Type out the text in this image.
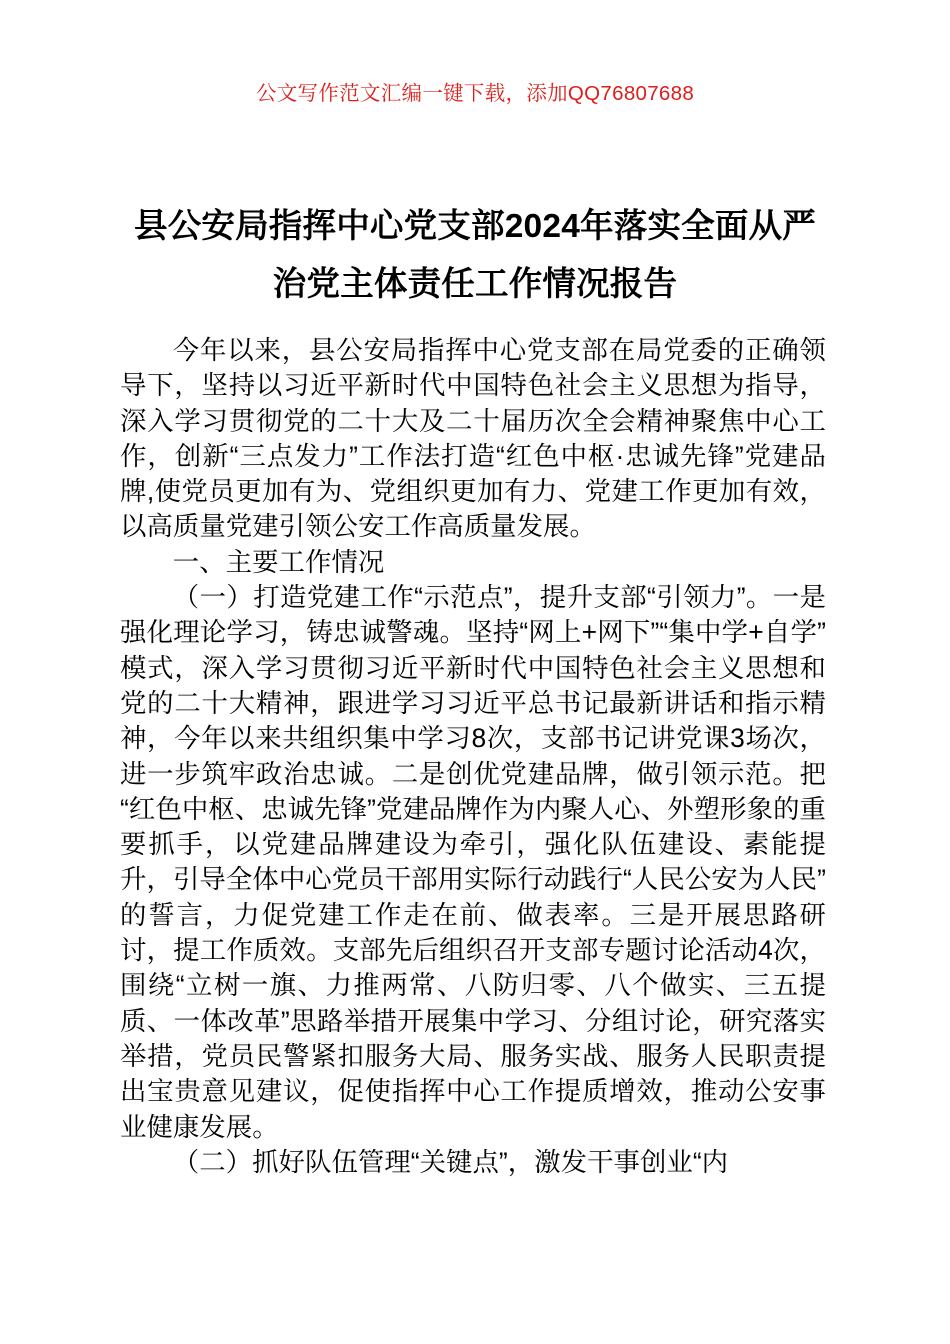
公文写作范文汇编一键下载，添加QQ76807688
县公安局指挥中心党支部2024年落实全面从严治党主体责任工作情况报告

今年以来，县公安局指挥中心党支部在局党委的正确领导下，坚持以习近平新时代中国特色社会主义思想为指导，深入学习贯彻党的二十大及二十届历次全会精神聚焦中心工作，创新“三点发力”工作法打造“红色中枢·忠诚先锋”党建品牌,使党员更加有为、党组织更加有力、党建工作更加有效，以高质量党建引领公安工作高质量发展。

一、主要工作情况

（一）打造党建工作“示范点”，提升支部“引领力”。一是强化理论学习，铸忠诚警魂。坚持“网上+网下”“集中学+自学”模式，深入学习贯彻习近平新时代中国特色社会主义思想和党的二十大精神，跟进学习习近平总书记最新讲话和指示精神，今年以来共组织集中学习8次，支部书记讲党课3场次，进一步筑牢政治忠诚。二是创优党建品牌，做引领示范。把“红色中枢、忠诚先锋”党建品牌作为内聚人心、外塑形象的重要抓手，以党建品牌建设为牵引，强化队伍建设、素能提升，引导全体中心党员干部用实际行动践行“人民公安为人民”的誓言，力促党建工作走在前、做表率。三是开展思路研讨，提工作质效。支部先后组织召开支部专题讨论活动4次，围绕“立树一旗、力推两常、八防归零、八个做实、三五提质、一体改革”思路举措开展集中学习、分组讨论，研究落实举措，党员民警紧扣服务大局、服务实战、服务人民职责提出宝贵意见建议，促使指挥中心工作提质增效，推动公安事业健康发展。

（二）抓好队伍管理“关键点”，激发干事创业“内
